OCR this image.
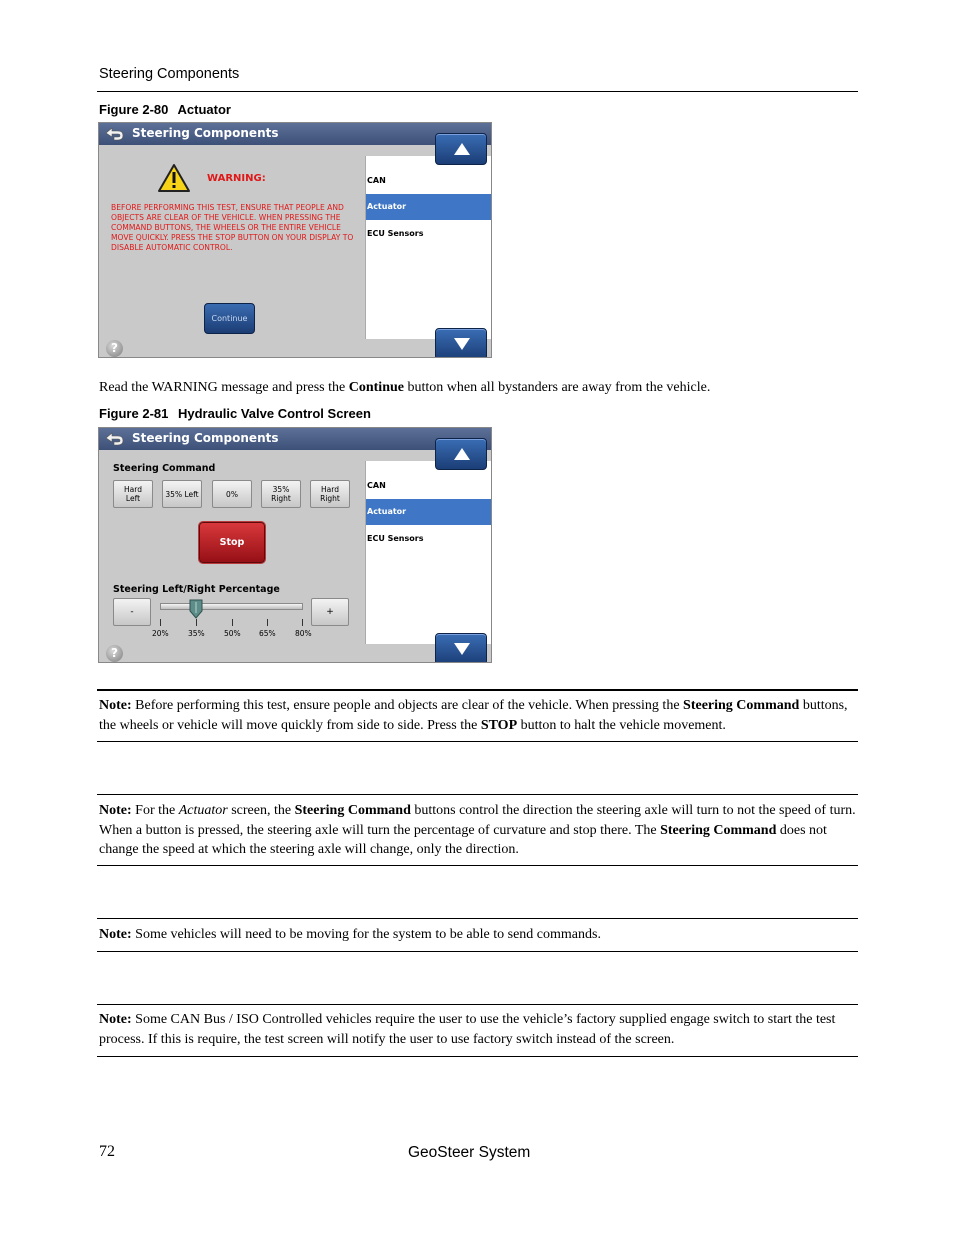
Steering Components
Figure 2-80 Actuator
Steering Components
WARNING:
BEFORE PERFORMING THIS TEST, ENSURE THAT PEOPLE AND OBJECTS ARE CLEAR OF THE VEHICLE. WHEN PRESSING THE COMMAND BUTTONS, THE WHEELS OR THE ENTIRE VEHICLE MOVE QUICKLY. PRESS THE STOP BUTTON ON YOUR DISPLAY TO DISABLE AUTOMATIC CONTROL.
Continue
CAN
Actuator
ECU Sensors
?
Read the WARNING message and press the Continue button when all bystanders are away from the vehicle.
Figure 2-81 Hydraulic Valve Control Screen
Steering Components
Steering Command
Hard
Left	35% Left	0%	35%
Right
Hard
Right
Stop
Steering Left/Right Percentage
-	+
20%	35%	50% 65%	80%
CAN
Actuator
ECU Sensors
?
Note: Before performing this test, ensure people and objects are clear of the vehicle. When pressing the Steering Command buttons, the wheels or vehicle will move quickly from side to side. Press the STOP button to halt the vehicle movement.
Note: For the Actuator screen, the Steering Command buttons control the direction the steering axle will turn to not the speed of turn. When a button is pressed, the steering axle will turn the percentage of curvature and stop there. The Steering Command does not change the speed at which the steering axle will change, only the direction.
Note: Some vehicles will need to be moving for the system to be able to send commands.
Note: Some CAN Bus / ISO Controlled vehicles require the user to use the vehicle’s factory supplied engage switch to start the test process. If this is require, the test screen will notify the user to use factory switch instead of the screen.
72	GeoSteer System
